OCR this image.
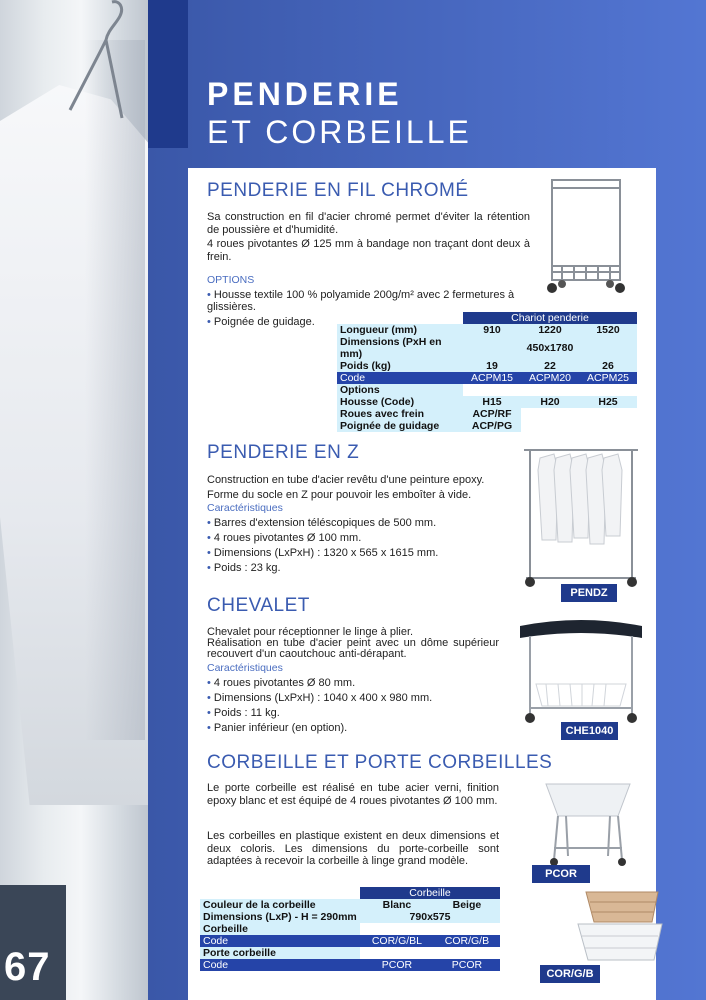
67
PENDERIE
ET CORBEILLE
PENDERIE EN FIL CHROMÉ

Sa construction en fil d'acier chromé permet d'éviter la rétention de poussière et d'humidité.

4 roues pivotantes Ø 125 mm à bandage non traçant dont deux à frein.

OPTIONS
• Housse textile 100 % polyamide 200g/m² avec 2 fermetures à glissières.
• Poignée de guidage.
		Chariot penderie		
Longueur (mm)	910	1220	1520
Dimensions (PxH en mm)	450x1780		
Poids (kg)	19	22	26
Code	ACPM15	ACPM20	ACPM25
Options			
Housse (Code)	H15	H20	H25
Roues avec frein	ACP/RF		
Poignée de guidage	ACP/PG		
PENDERIE EN Z

Construction en tube d'acier revêtu d'une peinture epoxy.

Forme du socle en Z pour pouvoir les emboîter à vide.

Caractéristiques
• Barres d'extension téléscopiques de 500 mm.
• 4 roues pivotantes Ø 100 mm.
• Dimensions (LxPxH) : 1320 x 565 x 1615 mm.
• Poids : 23 kg.
PENDZ
CHEVALET

Chevalet pour réceptionner le linge à plier.

Réalisation en tube d'acier peint avec un dôme supérieur recouvert d'un caoutchouc anti-dérapant.

Caractéristiques
• 4 roues pivotantes Ø 80 mm.
• Dimensions (LxPxH) : 1040 x 400 x 980 mm.
• Poids : 11 kg.
• Panier inférieur (en option).	CHE1040
CORBEILLE ET PORTE CORBEILLES

Le porte corbeille est réalisé en tube acier verni, finition epoxy blanc et est équipé de 4 roues pivotantes Ø 100 mm.

Les corbeilles en plastique existent en deux dimensions et deux coloris. Les dimensions du porte-corbeille sont adaptées à recevoir la corbeille à linge grand modèle.

PCOR
COR/G/B
	Corbeille	
Couleur de la corbeille	Blanc	Beige
Dimensions (LxP) - H = 290mm	790x575	
Corbeille		
Code	COR/G/BL	COR/G/B
Porte corbeille		
Code	PCOR	PCOR
